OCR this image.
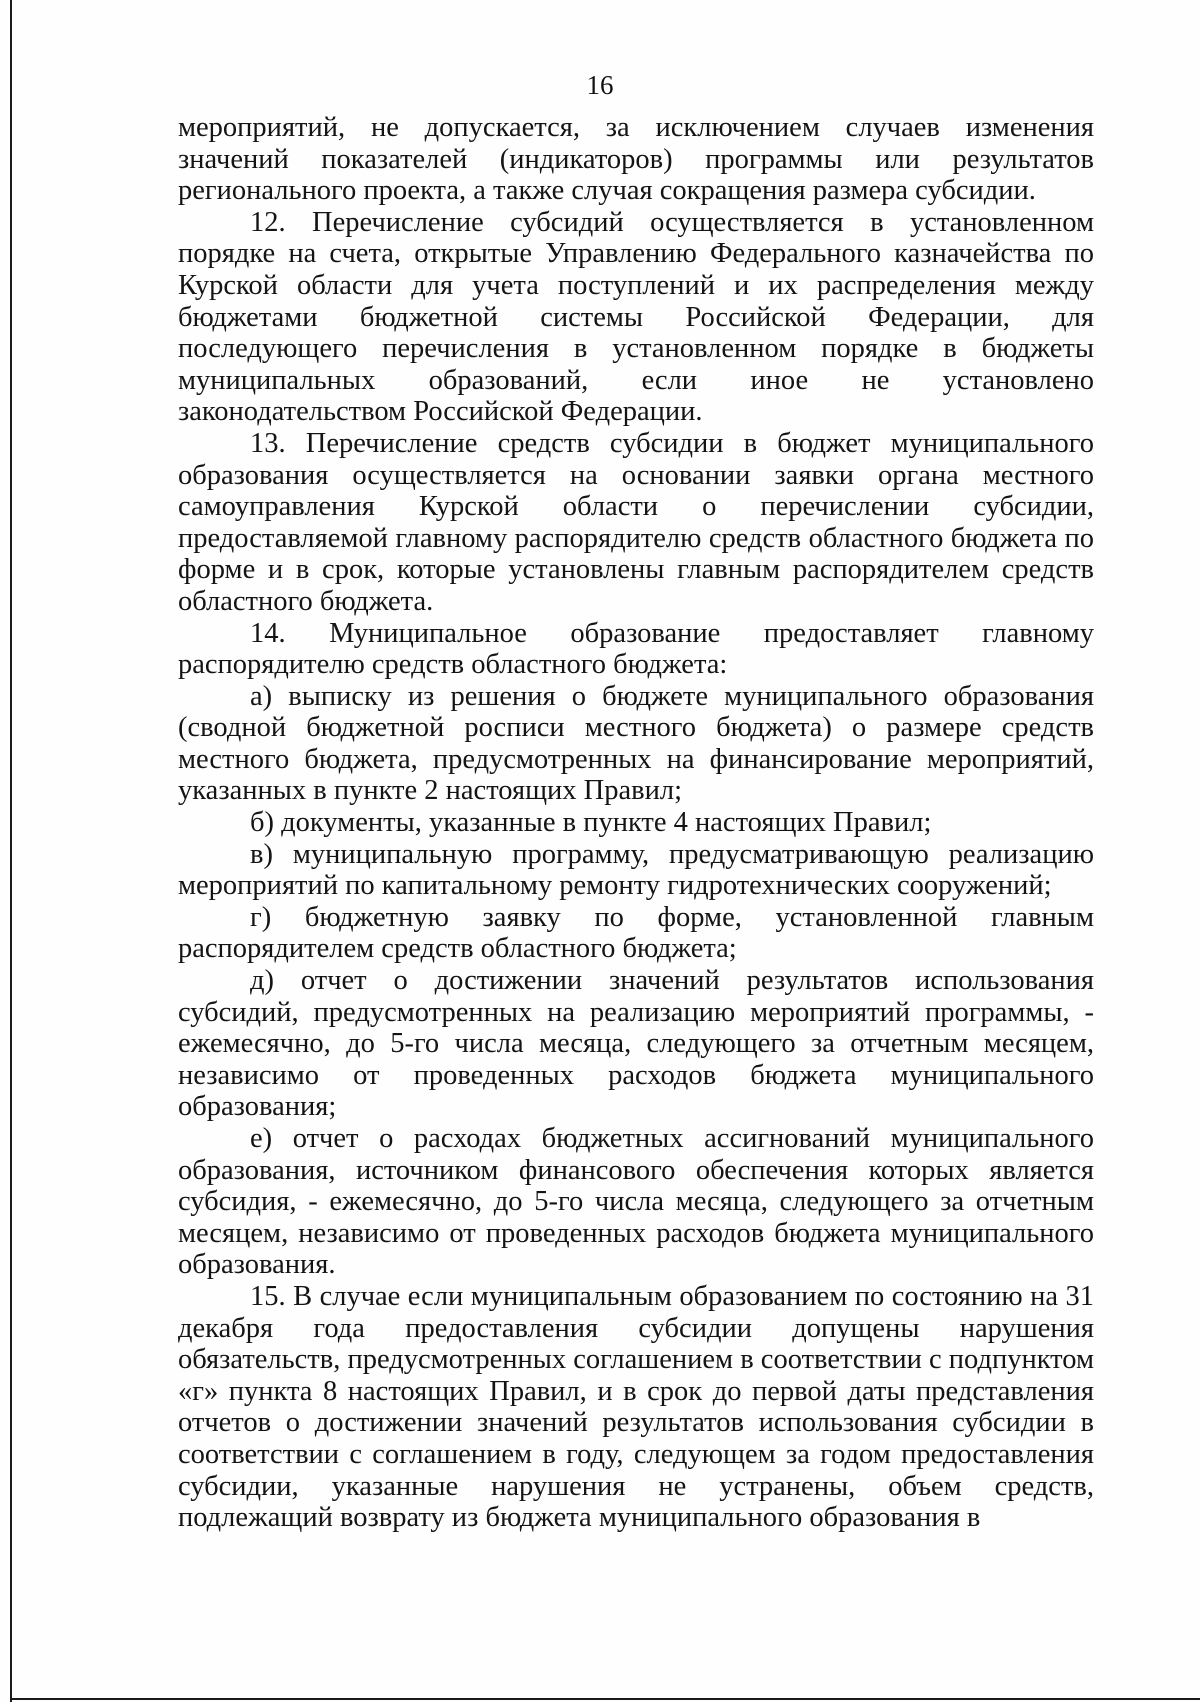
16

мероприятий, не допускается, за исключением случаев изменения значений показателей (индикаторов) программы или результатов регионального проекта, а также случая сокращения размера субсидии.

12. Перечисление субсидий осуществляется в установленном порядке на счета, открытые Управлению Федерального казначейства по Курской области для учета поступлений и их распределения между бюджетами бюджетной системы Российской Федерации, для последующего перечисления в установленном порядке в бюджеты муниципальных образований, если иное не установлено законодательством Российской Федерации.

13. Перечисление средств субсидии в бюджет муниципального образования осуществляется на основании заявки органа местного самоуправления Курской области о перечислении субсидии, предоставляемой главному распорядителю средств областного бюджета по форме и в срок, которые установлены главным распорядителем средств областного бюджета.

14. Муниципальное образование предоставляет главному распорядителю средств областного бюджета:

а) выписку из решения о бюджете муниципального образования (сводной бюджетной росписи местного бюджета) о размере средств местного бюджета, предусмотренных на финансирование мероприятий, указанных в пункте 2 настоящих Правил;

б) документы, указанные в пункте 4 настоящих Правил;

в) муниципальную программу, предусматривающую реализацию мероприятий по капитальному ремонту гидротехнических сооружений;

г) бюджетную заявку по форме, установленной главным распорядителем средств областного бюджета;

д) отчет о достижении значений результатов использования субсидий, предусмотренных на реализацию мероприятий программы, - ежемесячно, до 5-го числа месяца, следующего за отчетным месяцем, независимо от проведенных расходов бюджета муниципального образования;

е) отчет о расходах бюджетных ассигнований муниципального образования, источником финансового обеспечения которых является субсидия, - ежемесячно, до 5-го числа месяца, следующего за отчетным месяцем, независимо от проведенных расходов бюджета муниципального образования.

15. В случае если муниципальным образованием по состоянию на 31 декабря года предоставления субсидии допущены нарушения обязательств, предусмотренных соглашением в соответствии с подпунктом «г» пункта 8 настоящих Правил, и в срок до первой даты представления отчетов о достижении значений результатов использования субсидии в соответствии с соглашением в году, следующем за годом предоставления субсидии, указанные нарушения не устранены, объем средств, подлежащий возврату из бюджета муниципального образования в
